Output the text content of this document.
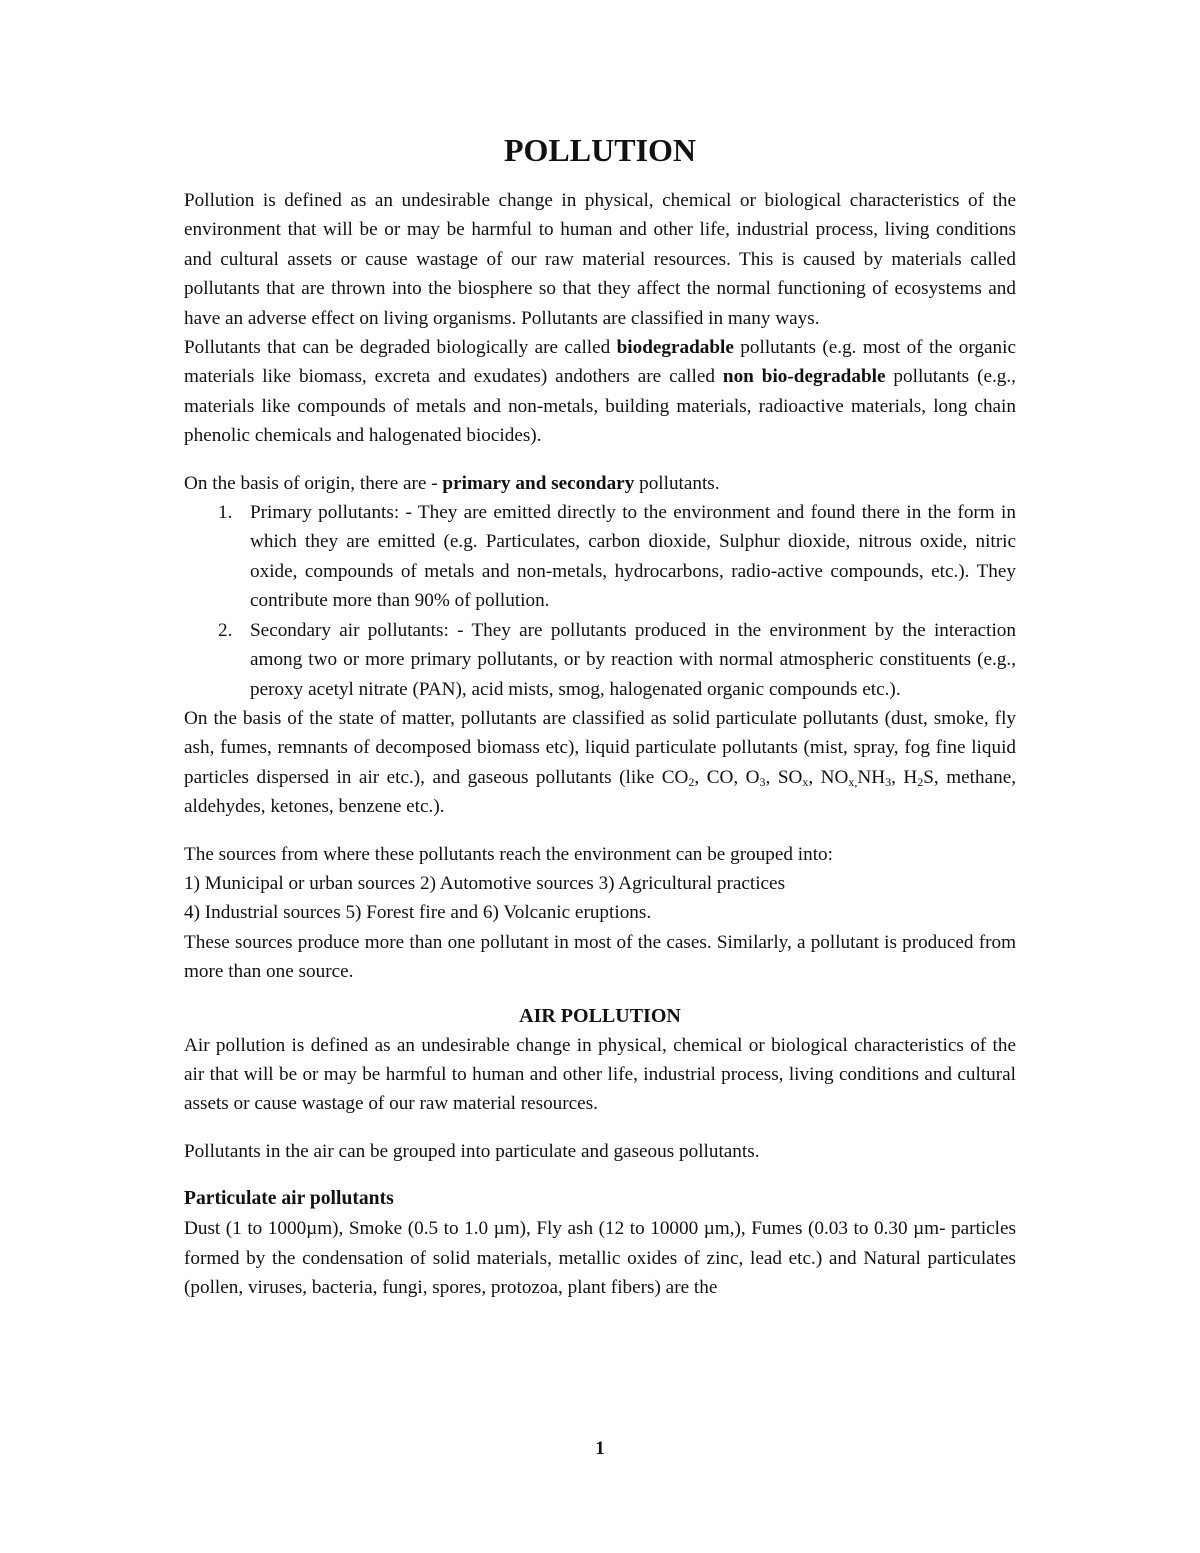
POLLUTION

Pollution is defined as an undesirable change in physical, chemical or biological characteristics of the environment that will be or may be harmful to human and other life, industrial process, living conditions and cultural assets or cause wastage of our raw material resources. This is caused by materials called pollutants that are thrown into the biosphere so that they affect the normal functioning of ecosystems and have an adverse effect on living organisms. Pollutants are classified in many ways.

Pollutants that can be degraded biologically are called biodegradable pollutants (e.g. most of the organic materials like biomass, excreta and exudates) andothers are called non bio-degradable pollutants (e.g., materials like compounds of metals and non-metals, building materials, radioactive materials, long chain phenolic chemicals and halogenated biocides).

On the basis of origin, there are - primary and secondary pollutants.

1. Primary pollutants: - They are emitted directly to the environment and found there in the form in which they are emitted (e.g. Particulates, carbon dioxide, Sulphur dioxide, nitrous oxide, nitric oxide, compounds of metals and non-metals, hydrocarbons, radio-active compounds, etc.). They contribute more than 90% of pollution.
2. Secondary air pollutants: - They are pollutants produced in the environment by the interaction among two or more primary pollutants, or by reaction with normal atmospheric constituents (e.g., peroxy acetyl nitrate (PAN), acid mists, smog, halogenated organic compounds etc.).

On the basis of the state of matter, pollutants are classified as solid particulate pollutants (dust, smoke, fly ash, fumes, remnants of decomposed biomass etc), liquid particulate pollutants (mist, spray, fog fine liquid particles dispersed in air etc.), and gaseous pollutants (like $CO_2$, CO, $O_3$, $SO_x$, $NO_{x,}NH_3$, $H_2S$, methane, aldehydes, ketones, benzene etc.).

The sources from where these pollutants reach the environment can be grouped into:

1) Municipal or urban sources 2) Automotive sources 3) Agricultural practices

4) Industrial sources 5) Forest fire and 6) Volcanic eruptions.

These sources produce more than one pollutant in most of the cases. Similarly, a pollutant is produced from more than one source.

AIR POLLUTION

Air pollution is defined as an undesirable change in physical, chemical or biological characteristics of the air that will be or may be harmful to human and other life, industrial process, living conditions and cultural assets or cause wastage of our raw material resources.

Pollutants in the air can be grouped into particulate and gaseous pollutants.

Particulate air pollutants

Dust (1 to 1000µm), Smoke (0.5 to 1.0 µm), Fly ash (12 to 10000 µm,), Fumes (0.03 to 0.30 µm- particles formed by the condensation of solid materials, metallic oxides of zinc, lead etc.) and Natural particulates (pollen, viruses, bacteria, fungi, spores, protozoa, plant fibers) are the

1
